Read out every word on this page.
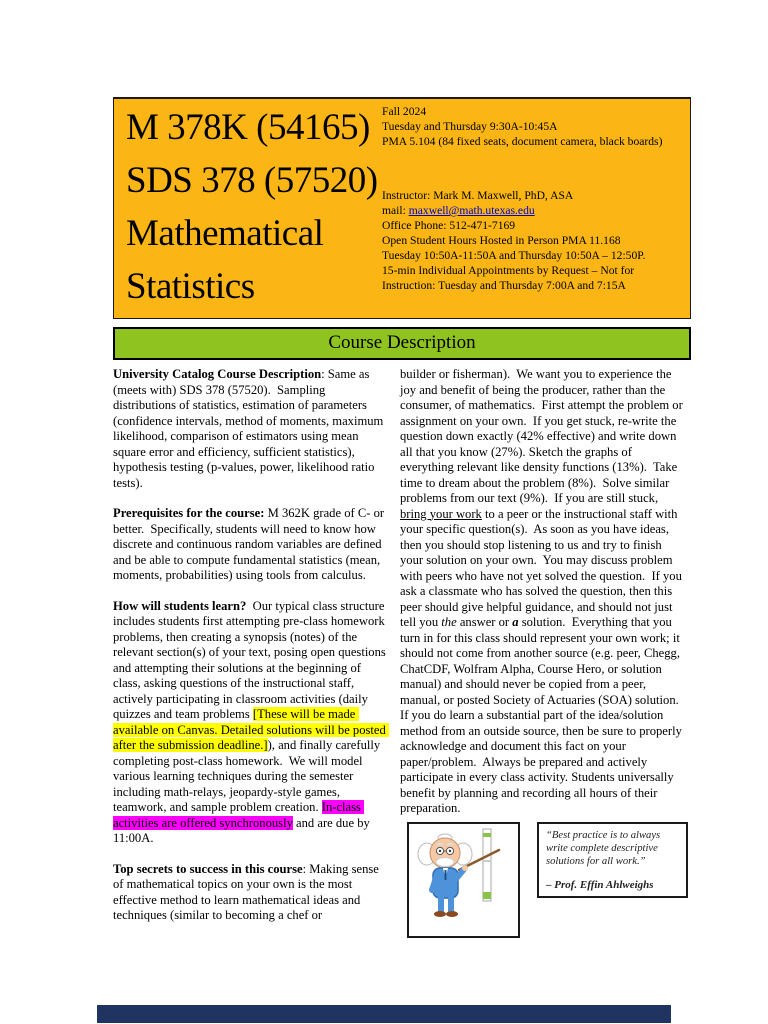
M 378K (54165)
SDS 378 (57520)
Mathematical
Statistics
Fall 2024
Tuesday and Thursday 9:30A-10:45A
PMA 5.104 (84 fixed seats, document camera, black boards)
Instructor: Mark M. Maxwell, PhD, ASA
mail: maxwell@math.utexas.edu
Office Phone: 512-471-7169
Open Student Hours Hosted in Person PMA 11.168
Tuesday 10:50A-11:50A and Thursday 10:50A – 12:50P.
15-min Individual Appointments by Request – Not for Instruction: Tuesday and Thursday 7:00A and 7:15A
Course Description

University Catalog Course Description: Same as (meets with) SDS 378 (57520).  Sampling distributions of statistics, estimation of parameters (confidence intervals, method of moments, maximum likelihood, comparison of estimators using mean square error and efficiency, sufficient statistics), hypothesis testing (p-values, power, likelihood ratio tests).

Prerequisites for the course: M 362K grade of C- or better.  Specifically, students will need to know how discrete and continuous random variables are defined and be able to compute fundamental statistics (mean, moments, probabilities) using tools from calculus.

How will students learn?  Our typical class structure includes students first attempting pre-class homework problems, then creating a synopsis (notes) of the relevant section(s) of your text, posing open questions and attempting their solutions at the beginning of class, asking questions of the instructional staff, actively participating in classroom activities (daily quizzes and team problems [These will be made available on Canvas. Detailed solutions will be posted after the submission deadline.]), and finally carefully completing post-class homework.  We will model various learning techniques during the semester including math-relays, jeopardy-style games, teamwork, and sample problem creation. In-class activities are offered synchronously and are due by 11:00A.

Top secrets to success in this course: Making sense of mathematical topics on your own is the most effective method to learn mathematical ideas and techniques (similar to becoming a chef or

builder or fisherman).  We want you to experience the joy and benefit of being the producer, rather than the consumer, of mathematics.  First attempt the problem or assignment on your own.  If you get stuck, re-write the question down exactly (42% effective) and write down all that you know (27%). Sketch the graphs of everything relevant like density functions (13%).  Take time to dream about the problem (8%).  Solve similar problems from our text (9%).  If you are still stuck, bring your work to a peer or the instructional staff with your specific question(s).  As soon as you have ideas, then you should stop listening to us and try to finish your solution on your own.  You may discuss problem with peers who have not yet solved the question.  If you ask a classmate who has solved the question, then this peer should give helpful guidance, and should not just tell you the answer or a solution.  Everything that you turn in for this class should represent your own work; it should not come from another source (e.g. peer, Chegg, ChatCDF, Wolfram Alpha, Course Hero, or solution manual) and should never be copied from a peer, manual, or posted Society of Actuaries (SOA) solution.  If you do learn a substantial part of the idea/solution method from an outside source, then be sure to properly acknowledge and document this fact on your paper/problem.  Always be prepared and actively participate in every class activity. Students universally benefit by planning and recording all hours of their preparation.

“Best practice is to always write complete descriptive solutions for all work.”
– Prof. Effin Ahlweighs
